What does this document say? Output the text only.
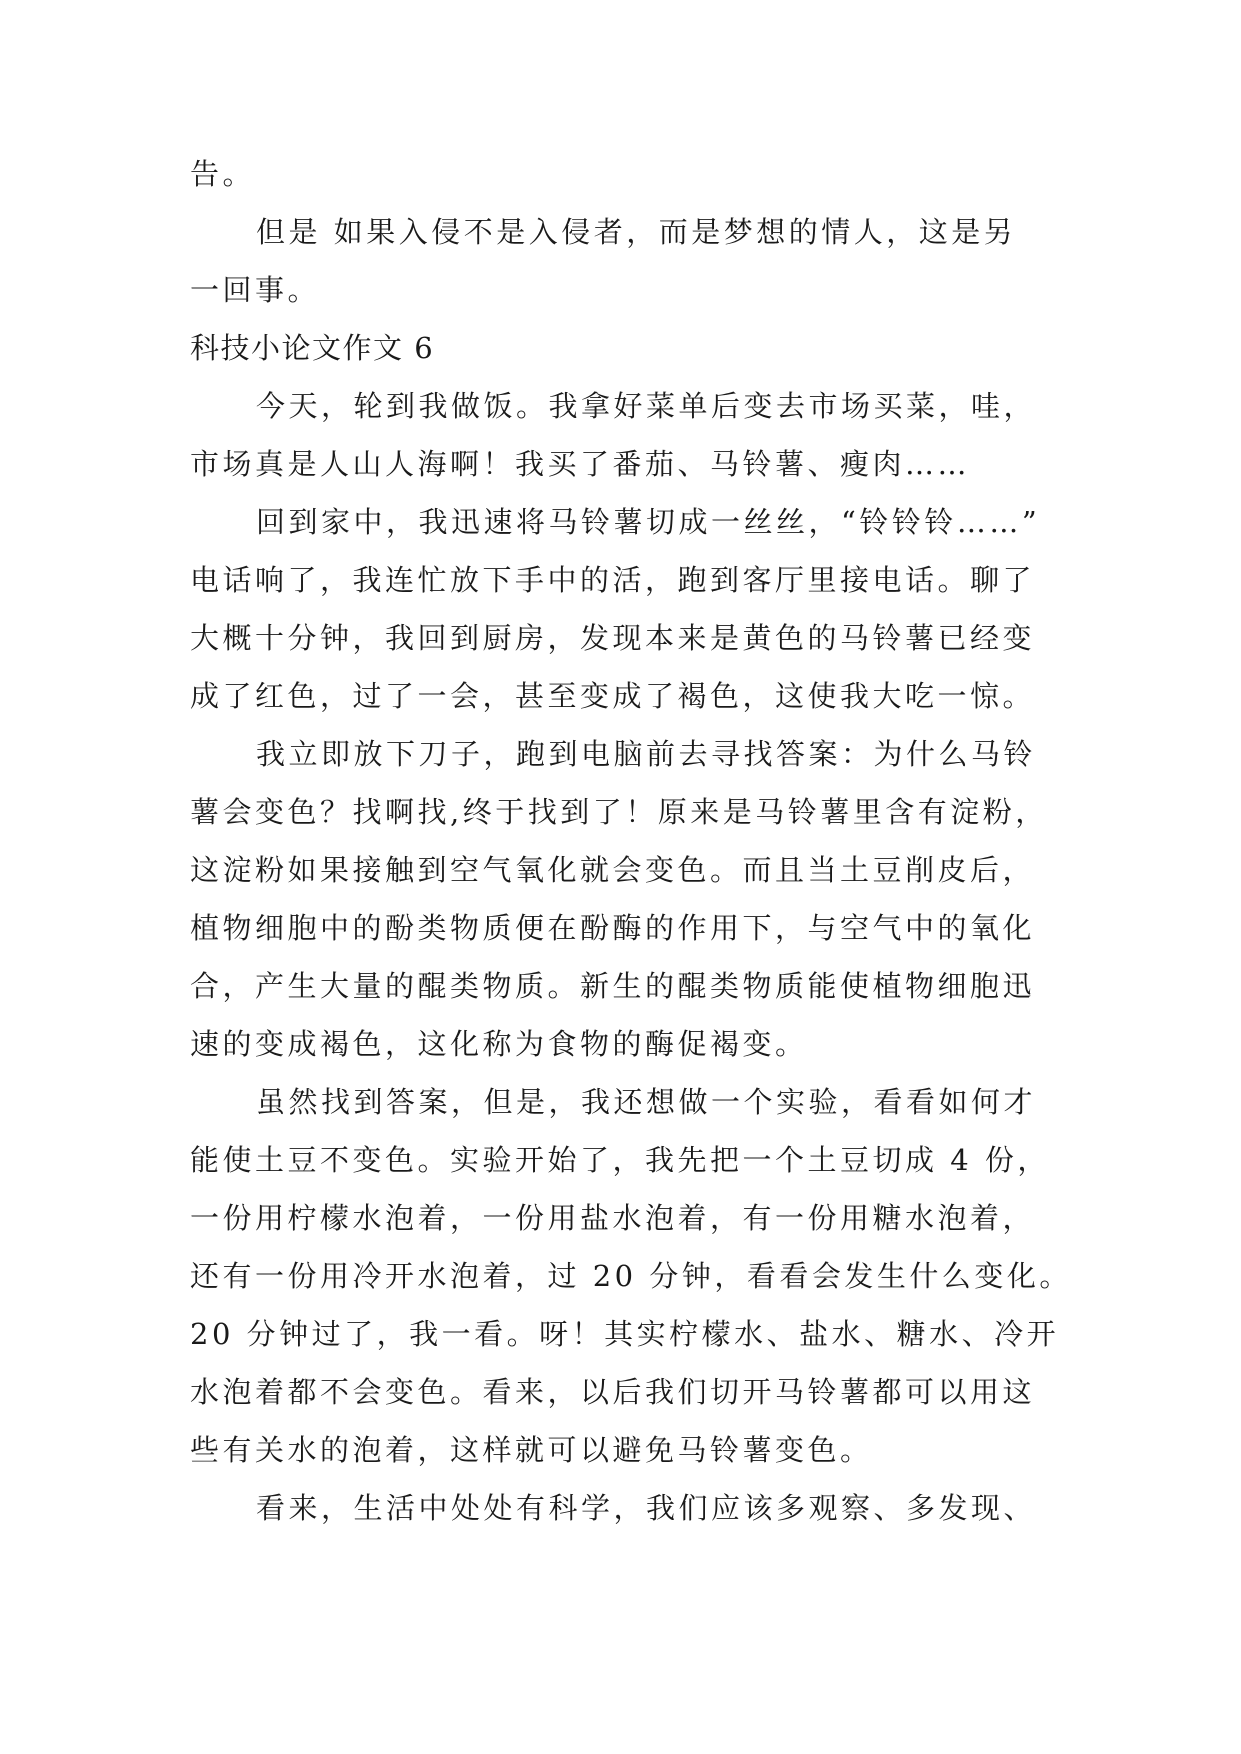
告。
但是 如果入侵不是入侵者，而是梦想的情人，这是另
一回事。
科技小论文作文 6
今天，轮到我做饭。我拿好菜单后变去市场买菜，哇，
市场真是人山人海啊！我买了番茄、马铃薯、瘦肉……
回到家中，我迅速将马铃薯切成一丝丝，“铃铃铃……”
电话响了，我连忙放下手中的活，跑到客厅里接电话。聊了
大概十分钟，我回到厨房，发现本来是黄色的马铃薯已经变
成了红色，过了一会，甚至变成了褐色，这使我大吃一惊。
我立即放下刀子，跑到电脑前去寻找答案：为什么马铃
薯会变色？找啊找,终于找到了！原来是马铃薯里含有淀粉，
这淀粉如果接触到空气氧化就会变色。而且当土豆削皮后，
植物细胞中的酚类物质便在酚酶的作用下，与空气中的氧化
合，产生大量的醌类物质。新生的醌类物质能使植物细胞迅
速的变成褐色，这化称为食物的酶促褐变。
虽然找到答案，但是，我还想做一个实验，看看如何才
能使土豆不变色。实验开始了，我先把一个土豆切成 4 份，
一份用柠檬水泡着，一份用盐水泡着，有一份用糖水泡着，
还有一份用冷开水泡着，过 20 分钟，看看会发生什么变化。
20 分钟过了，我一看。呀！其实柠檬水、盐水、糖水、冷开
水泡着都不会变色。看来，以后我们切开马铃薯都可以用这
些有关水的泡着，这样就可以避免马铃薯变色。
看来，生活中处处有科学，我们应该多观察、多发现、
